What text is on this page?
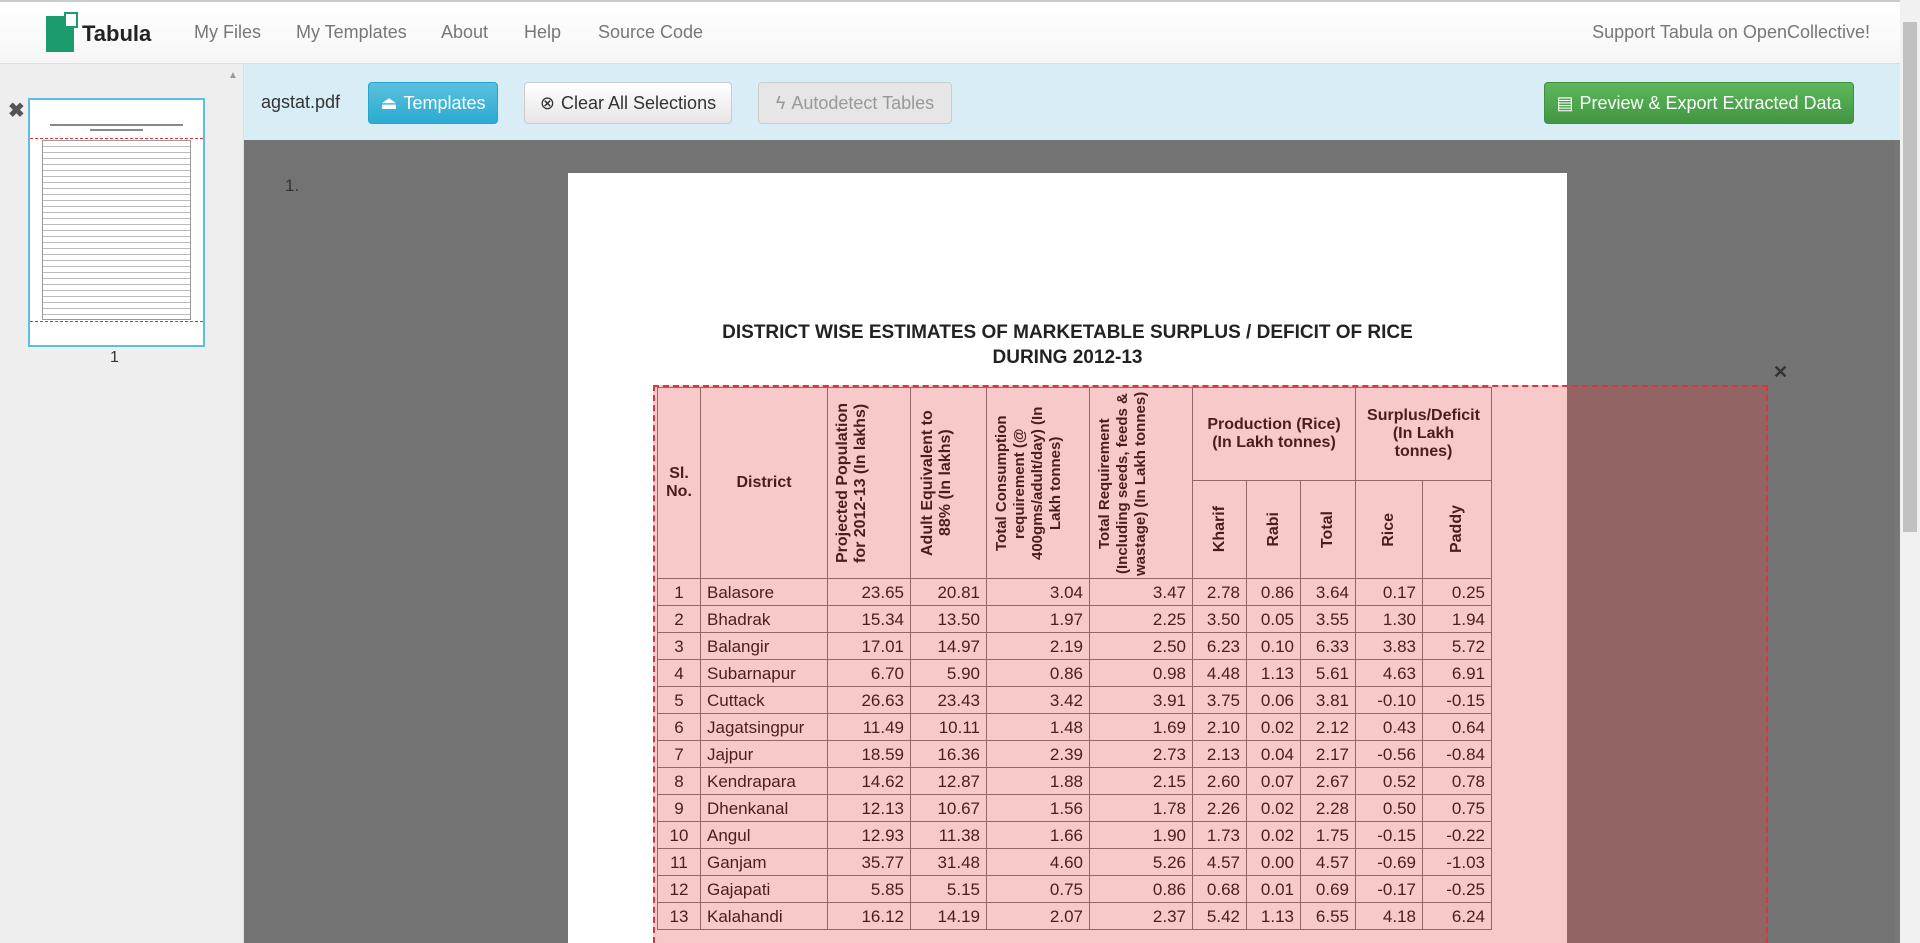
Tabula My Files My Templates About Help Source Code	Support Tabula on OpenCollective!
✖
▲
1
agstat.pdf ⏏ Templates	⊗ Clear All Selections	ϟ Autodetect Tables	▤ Preview & Export Extracted Data
1.
DISTRICT WISE ESTIMATES OF MARKETABLE SURPLUS / DEFICIT OF RICE
DURING 2012-13
Sl. No.	District	Projected Population for 2012-13 (In lakhs)	Adult Equivalent to 88% (In lakhs)	Total Consumption requirement (@ 400gms/adult/day) (In Lakh tonnes)	Total Requirement (Including seeds, feeds & wastage) (In Lakh tonnes)	Production (Rice) (In Lakh tonnes)			Surplus/Deficit (In Lakh tonnes)	

						Kharif	Rabi	Total	Rice	Paddy

1	Balasore	23.65	20.81	3.04	3.47	2.78	0.86	3.64	0.17	0.25
2	Bhadrak	15.34	13.50	1.97	2.25	3.50	0.05	3.55	1.30	1.94
3	Balangir	17.01	14.97	2.19	2.50	6.23	0.10	6.33	3.83	5.72
4	Subarnapur	6.70	5.90	0.86	0.98	4.48	1.13	5.61	4.63	6.91
5	Cuttack	26.63	23.43	3.42	3.91	3.75	0.06	3.81	-0.10	-0.15
6	Jagatsingpur	11.49	10.11	1.48	1.69	2.10	0.02	2.12	0.43	0.64
7	Jajpur	18.59	16.36	2.39	2.73	2.13	0.04	2.17	-0.56	-0.84
8	Kendrapara	14.62	12.87	1.88	2.15	2.60	0.07	2.67	0.52	0.78
9	Dhenkanal	12.13	10.67	1.56	1.78	2.26	0.02	2.28	0.50	0.75
10	Angul	12.93	11.38	1.66	1.90	1.73	0.02	1.75	-0.15	-0.22
11	Ganjam	35.77	31.48	4.60	5.26	4.57	0.00	4.57	-0.69	-1.03
12	Gajapati	5.85	5.15	0.75	0.86	0.68	0.01	0.69	-0.17	-0.25
13	Kalahandi	16.12	14.19	2.07	2.37	5.42	1.13	6.55	4.18	6.24
✕
